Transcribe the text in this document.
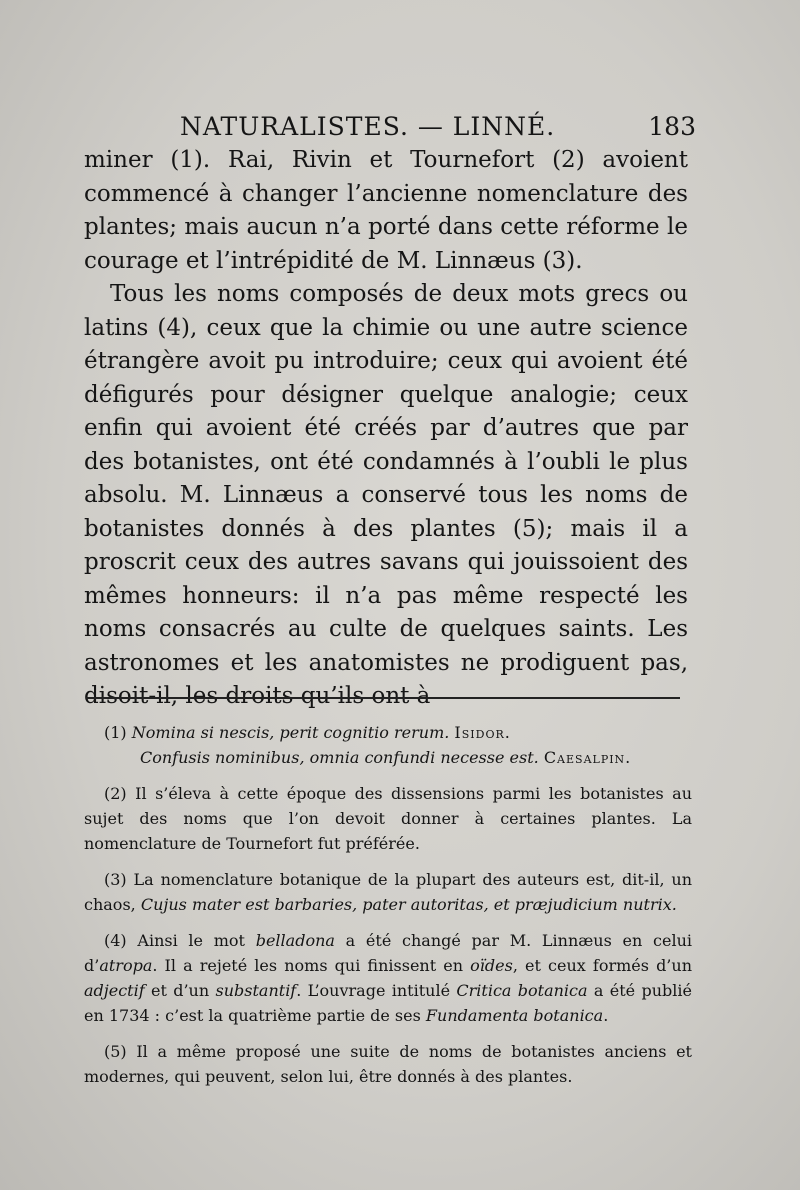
NATURALISTES. — LINNÉ.	183

miner (1). Rai, Rivin et Tournefort (2) avoient commencé à changer l’ancienne nomenclature des plantes; mais aucun n’a porté dans cette réforme le courage et l’intrépidité de M. Linnæus (3).

Tous les noms composés de deux mots grecs ou latins (4), ceux que la chimie ou une autre science étrangère avoit pu introduire; ceux qui avoient été défigurés pour désigner quelque analogie; ceux enfin qui avoient été créés par d’autres que par des botanistes, ont été condamnés à l’oubli le plus absolu. M. Linnæus a conservé tous les noms de botanistes donnés à des plantes (5); mais il a proscrit ceux des autres savans qui jouissoient des mêmes honneurs: il n’a pas même respecté les noms consacrés au culte de quelques saints. Les astronomes et les anatomistes ne prodiguent pas, disoit-il, les droits qu’ils ont à

(1) Nomina si nescis, perit cognitio rerum. Isidor.
Confusis nominibus, omnia confundi necesse est. Caesalpin.
(2) Il s’éleva à cette époque des dissensions parmi les botanistes au sujet des noms que l’on devoit donner à certaines plantes. La nomenclature de Tournefort fut préférée.
(3) La nomenclature botanique de la plupart des auteurs est, dit-il, un chaos, Cujus mater est barbaries, pater autoritas, et præjudicium nutrix.
(4) Ainsi le mot belladona a été changé par M. Linnæus en celui d’atropa. Il a rejeté les noms qui finissent en oïdes, et ceux formés d’un adjectif et d’un substantif. L’ouvrage intitulé Critica botanica a été publié en 1734 : c’est la quatrième partie de ses Fundamenta botanica.
(5) Il a même proposé une suite de noms de botanistes anciens et modernes, qui peuvent, selon lui, être donnés à des plantes.
